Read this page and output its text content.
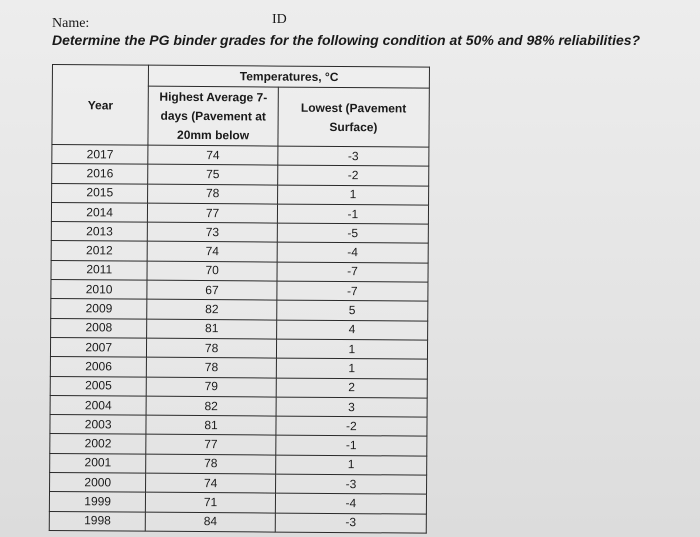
Name:	ID
Determine the PG binder grades for the following condition at 50% and 98% reliabilities?
Year	Temperatures, °C	
	Highest Average 7-days (Pavement at 20mm below	Lowest (Pavement Surface)
2017	74	-3
2016	75	-2
2015	78	1
2014	77	-1
2013	73	-5
2012	74	-4
2011	70	-7
2010	67	-7
2009	82	5
2008	81	4
2007	78	1
2006	78	1
2005	79	2
2004	82	3
2003	81	-2
2002	77	-1
2001	78	1
2000	74	-3
1999	71	-4
1998	84	-3
